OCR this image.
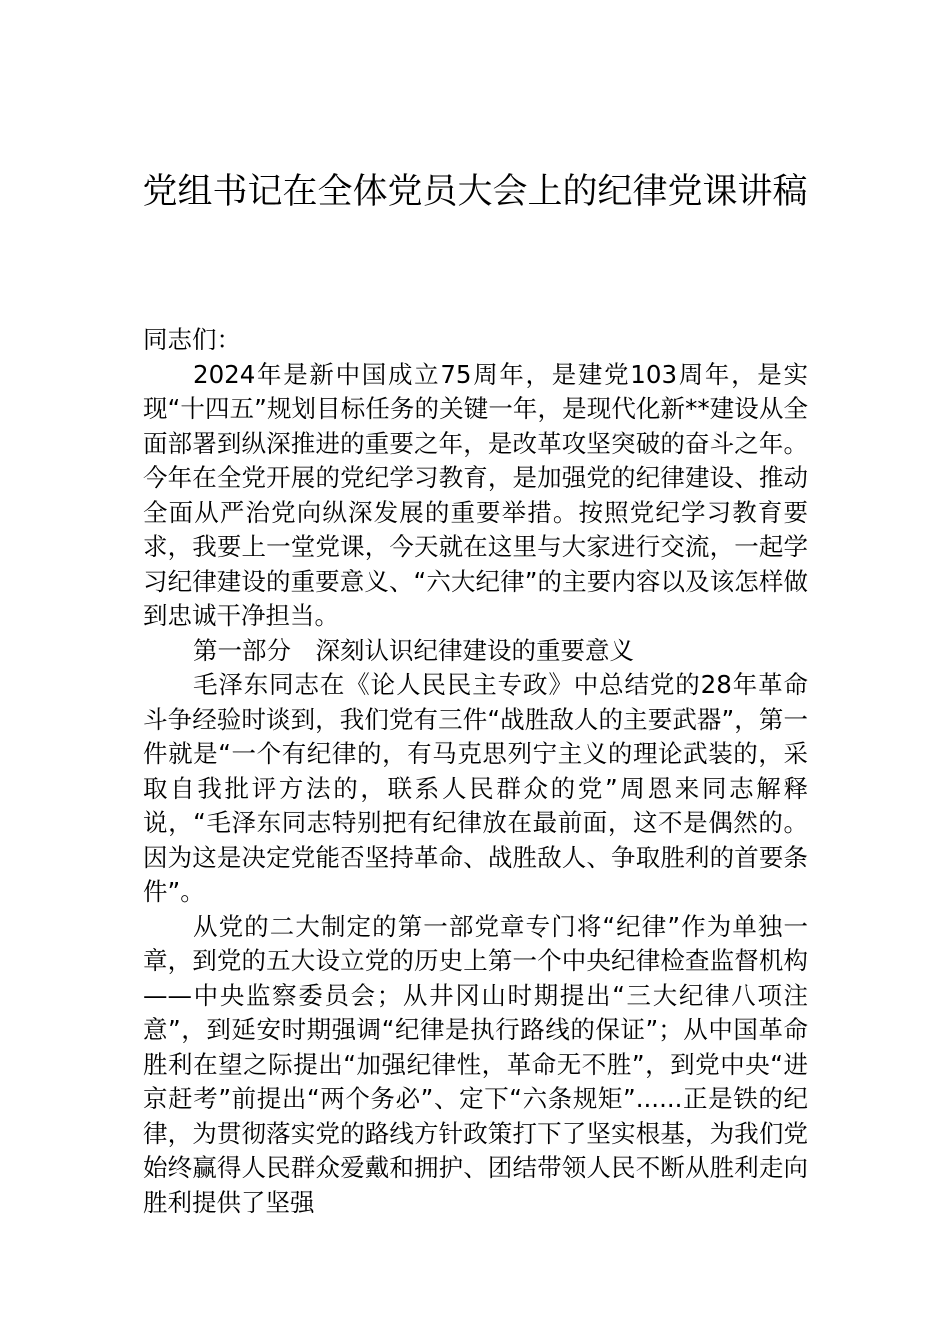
党组书记在全体党员大会上的纪律党课讲稿

同志们：

2024年是新中国成立75周年，是建党103周年，是实现“十四五”规划目标任务的关键一年，是现代化新**建设从全面部署到纵深推进的重要之年，是改革攻坚突破的奋斗之年。今年在全党开展的党纪学习教育，是加强党的纪律建设、推动全面从严治党向纵深发展的重要举措。按照党纪学习教育要求，我要上一堂党课，今天就在这里与大家进行交流，一起学习纪律建设的重要意义、“六大纪律”的主要内容以及该怎样做到忠诚干净担当。

第一部分　深刻认识纪律建设的重要意义

毛泽东同志在《论人民民主专政》中总结党的28年革命斗争经验时谈到，我们党有三件“战胜敌人的主要武器”，第一件就是“一个有纪律的，有马克思列宁主义的理论武装的，采取自我批评方法的，联系人民群众的党”周恩来同志解释说，“毛泽东同志特别把有纪律放在最前面，这不是偶然的。因为这是决定党能否坚持革命、战胜敌人、争取胜利的首要条件”。

从党的二大制定的第一部党章专门将“纪律”作为单独一章，到党的五大设立党的历史上第一个中央纪律检查监督机构——中央监察委员会；从井冈山时期提出“三大纪律八项注意”，到延安时期强调“纪律是执行路线的保证”；从中国革命胜利在望之际提出“加强纪律性，革命无不胜”，到党中央“进京赶考”前提出“两个务必”、定下“六条规矩”......正是铁的纪律，为贯彻落实党的路线方针政策打下了坚实根基，为我们党始终赢得人民群众爱戴和拥护、团结带领人民不断从胜利走向胜利提供了坚强
